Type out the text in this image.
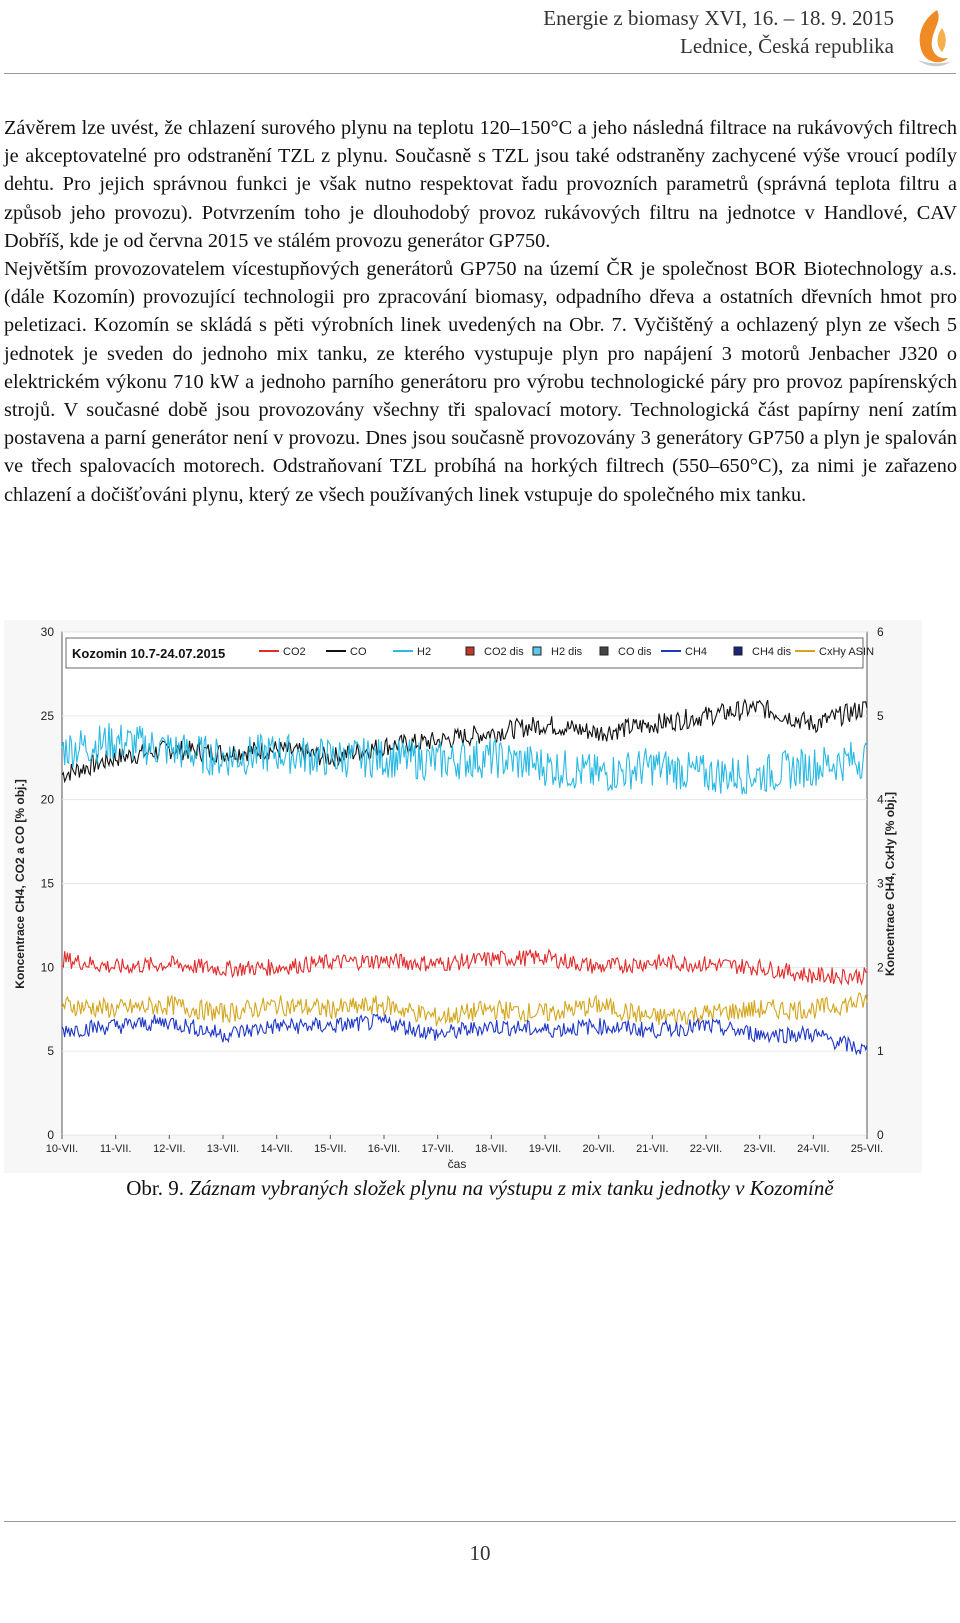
Energie z biomasy XVI, 16. – 18. 9. 2015
Lednice, Česká republika

Závěrem lze uvést, že chlazení surového plynu na teplotu 120–150°C a jeho následná filtrace na rukávových filtrech je akceptovatelné pro odstranění TZL z plynu. Současně s TZL jsou také odstraněny zachycené výše vroucí podíly dehtu. Pro jejich správnou funkci je však nutno respektovat řadu provozních parametrů (správná teplota filtru a způsob jeho provozu). Potvrzením toho je dlouhodobý provoz rukávových filtru na jednotce v Handlové, CAV Dobříš, kde je od června 2015 ve stálém provozu generátor GP750.

Největším provozovatelem vícestupňových generátorů GP750 na území ČR je společnost BOR Biotechnology a.s. (dále Kozomín) provozující technologii pro zpracování biomasy, odpadního dřeva a ostatních dřevních hmot pro peletizaci. Kozomín se skládá s pěti výrobních linek uvedených na Obr. 7. Vyčištěný a ochlazený plyn ze všech 5 jednotek je sveden do jednoho mix tanku, ze kterého vystupuje plyn pro napájení 3 motorů Jenbacher J320 o elektrickém výkonu 710 kW a jednoho parního generátoru pro výrobu technologické páry pro provoz papírenských strojů. V současné době jsou provozovány všechny tři spalovací motory. Technologická část papírny není zatím postavena a parní generátor není v provozu. Dnes jsou současně provozovány 3 generátory GP750 a plyn je spalován ve třech spalovacích motorech. Odstraňovaní TZL probíhá na horkých filtrech (550–650°C), za nimi je zařazeno chlazení a dočišťováni plynu, který ze všech používaných linek vstupuje do společného mix tanku.

0
5
10
15
20
25
30
0
1
2
3
4
5
6
10-VII. 11-VII. 12-VII. 13-VII. 14-VII. 15-VII. 16-VII. 17-VII. 18-VII. 19-VII. 20-VII. 21-VII. 22-VII. 23-VII. 24-VII. 25-VII.
Kozomin 10.7-24.07.2015	CO2	CO	H2	CO2 dis H2 dis	CO dis	CH4	CH4 dis	CxHy ASIN
čas
Koncentrace CH4, CO2 a CO [% obj.]	Koncentrace CH4, CxHy [% obj.]
Obr. 9. Záznam vybraných složek plynu na výstupu z mix tanku jednotky v Kozomíně
10
